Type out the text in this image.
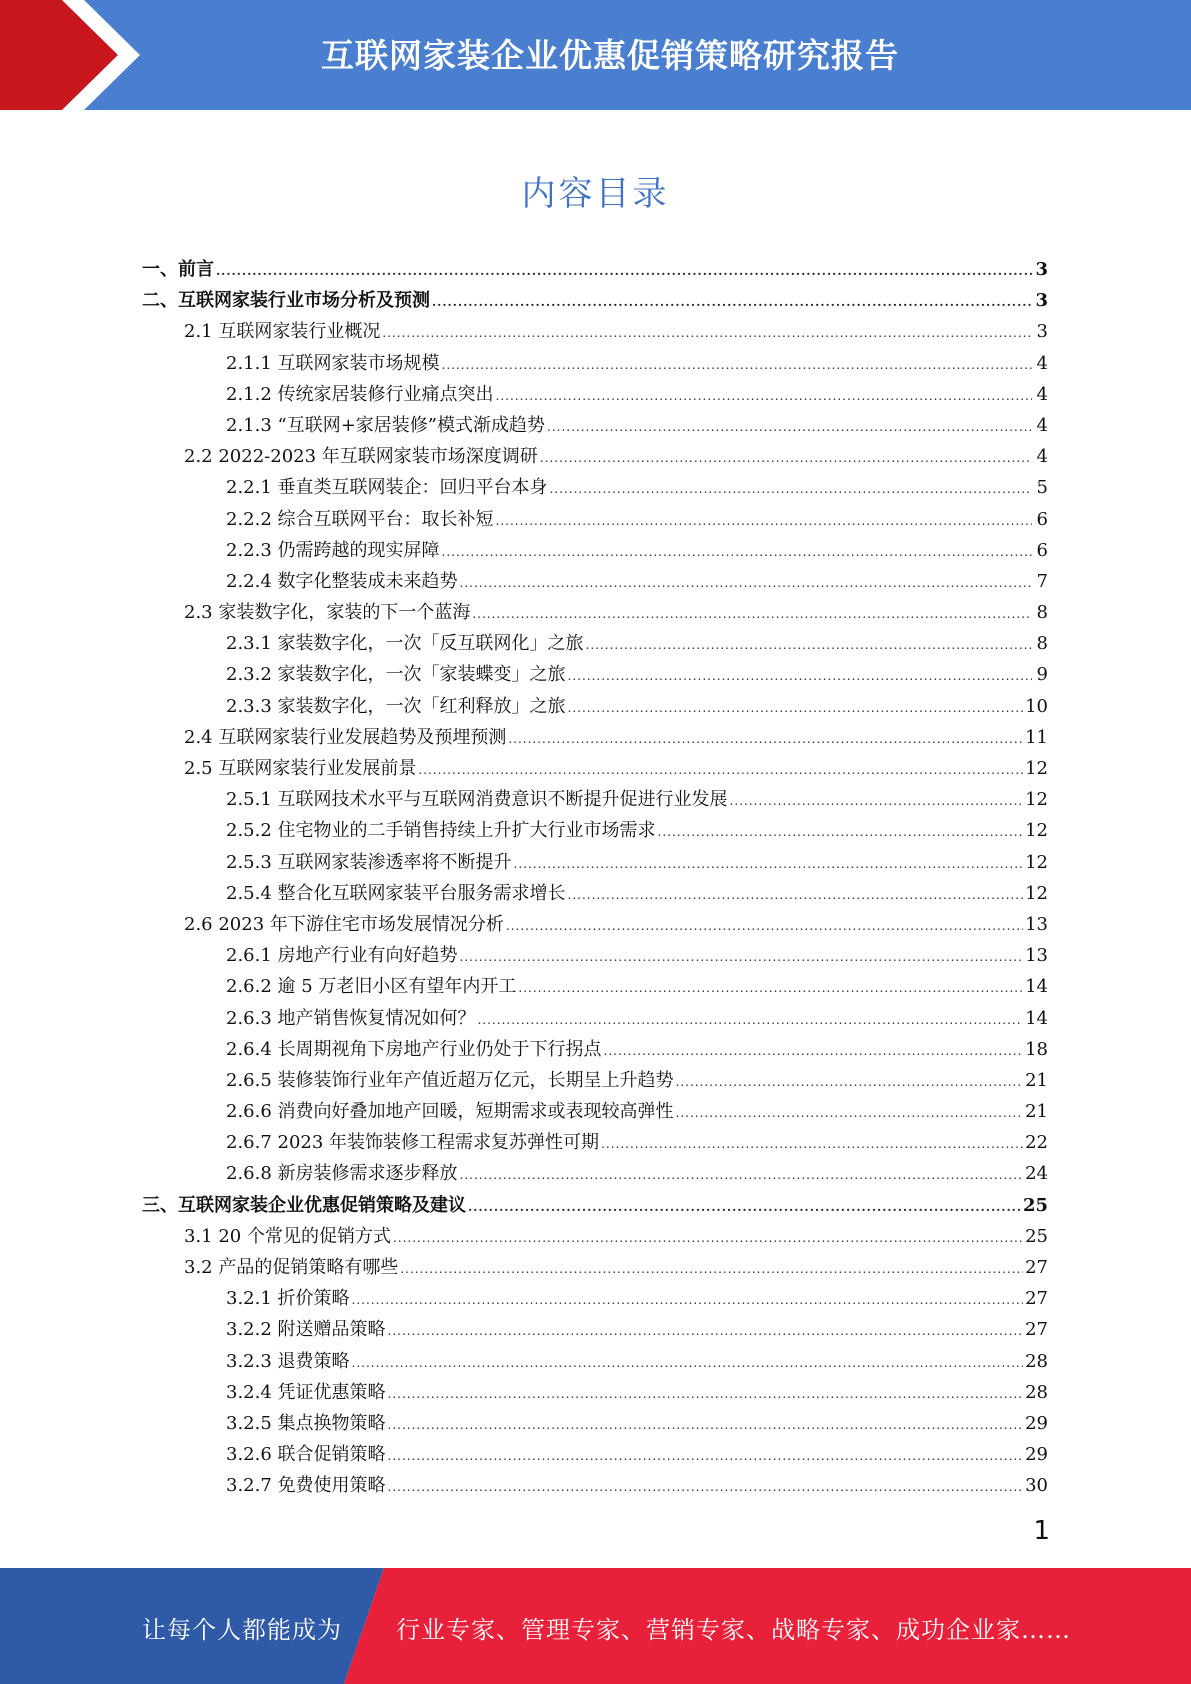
互联网家装企业优惠促销策略研究报告
内容目录
一、前言 .....	3
二、互联网家装行业市场分析及预测 .....	3
2.1 互联网家装行业概况 .....	3
2.1.1 互联网家装市场规模 .....	4
2.1.2 传统家居装修行业痛点突出 .....	4
2.1.3 “互联网+家居装修”模式渐成趋势 .....	4
2.2 2022-2023 年互联网家装市场深度调研 .....	4
2.2.1 垂直类互联网装企：回归平台本身 .....	5
2.2.2 综合互联网平台：取长补短 .....	6
2.2.3 仍需跨越的现实屏障 .....	6
2.2.4 数字化整装成未来趋势 .....	7
2.3 家装数字化，家装的下一个蓝海 .....	8
2.3.1 家装数字化，一次「反互联网化」之旅 .....	8
2.3.2 家装数字化，一次「家装蝶变」之旅 .....	9
2.3.3 家装数字化，一次「红利释放」之旅 .....	10
2.4 互联网家装行业发展趋势及预埋预测 .....	11
2.5 互联网家装行业发展前景 .....	12
2.5.1 互联网技术水平与互联网消费意识不断提升促进行业发展 .....	12
2.5.2 住宅物业的二手销售持续上升扩大行业市场需求 .....	12
2.5.3 互联网家装渗透率将不断提升 .....	12
2.5.4 整合化互联网家装平台服务需求增长 .....	12
2.6 2023 年下游住宅市场发展情况分析 .....	13
2.6.1 房地产行业有向好趋势 .....	13
2.6.2 逾 5 万老旧小区有望年内开工 .....	14
2.6.3 地产销售恢复情况如何？ .....	14
2.6.4 长周期视角下房地产行业仍处于下行拐点 .....	18
2.6.5 装修装饰行业年产值近超万亿元，长期呈上升趋势 .....	21
2.6.6 消费向好叠加地产回暖，短期需求或表现较高弹性 .....	21
2.6.7 2023 年装饰装修工程需求复苏弹性可期 .....	22
2.6.8 新房装修需求逐步释放 .....	24
三、互联网家装企业优惠促销策略及建议 .....	25
3.1 20 个常见的促销方式 .....	25
3.2 产品的促销策略有哪些 .....	27
3.2.1 折价策略 .....	27
3.2.2 附送赠品策略 .....	27
3.2.3 退费策略 .....	28
3.2.4 凭证优惠策略 .....	28
3.2.5 集点换物策略 .....	29
3.2.6 联合促销策略 .....	29
3.2.7 免费使用策略 .....	30
1
让每个人都能成为 行业专家、管理专家、营销专家、战略专家、成功企业家……
